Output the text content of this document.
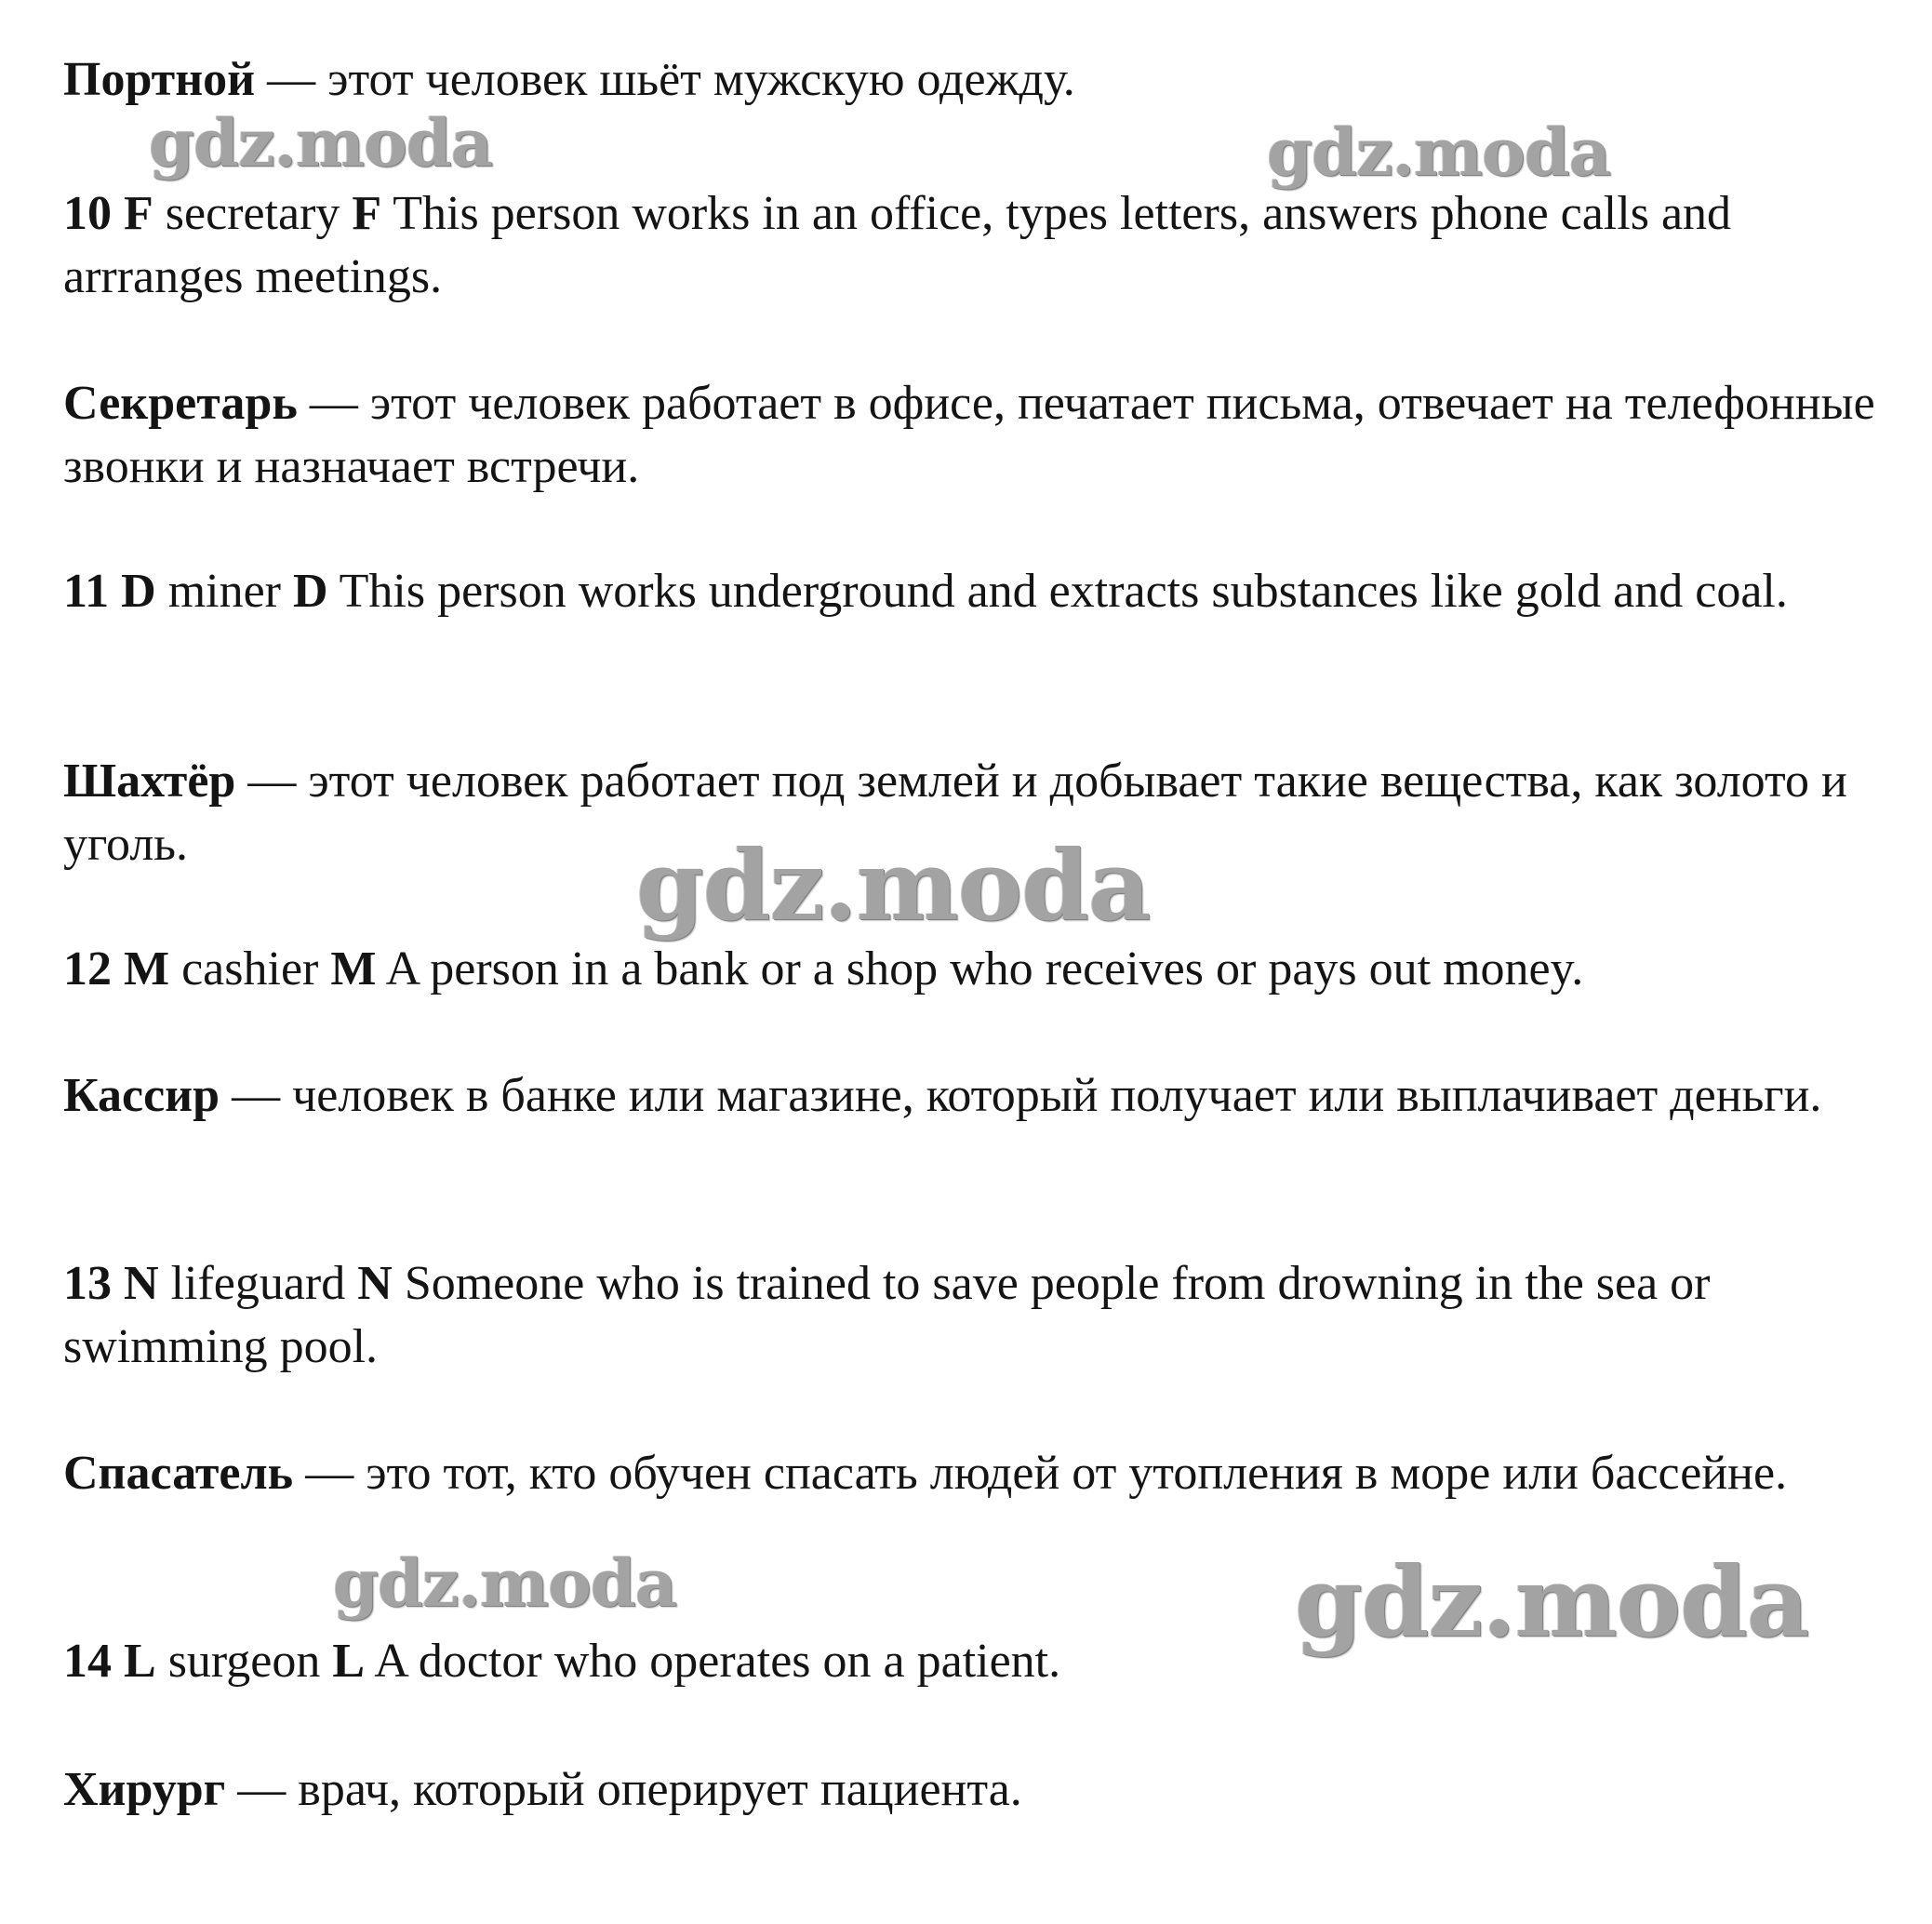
Портной — этот человек шьёт мужскую одежду.

10 F secretary F This person works in an office, types letters, answers phone calls and arrranges meetings.

Секретарь — этот человек работает в офисе, печатает письма, отвечает на телефонные звонки и назначает встречи.

11 D miner D This person works underground and extracts substances like gold and coal.

Шахтёр — этот человек работает под землей и добывает такие вещества, как золото и уголь.

12 M cashier M A person in a bank or a shop who receives or pays out money.

Кассир — человек в банке или магазине, который получает или выплачивает деньги.

13 N lifeguard N Someone who is trained to save people from drowning in the sea or swimming pool.

Спасатель — это тот, кто обучен спасать людей от утопления в море или бассейне.

14 L surgeon L A doctor who operates on a patient.

Хирург — врач, который оперирует пациента.

gdz.moda	gdz.moda
gdz.moda
gdz.moda	gdz.moda
